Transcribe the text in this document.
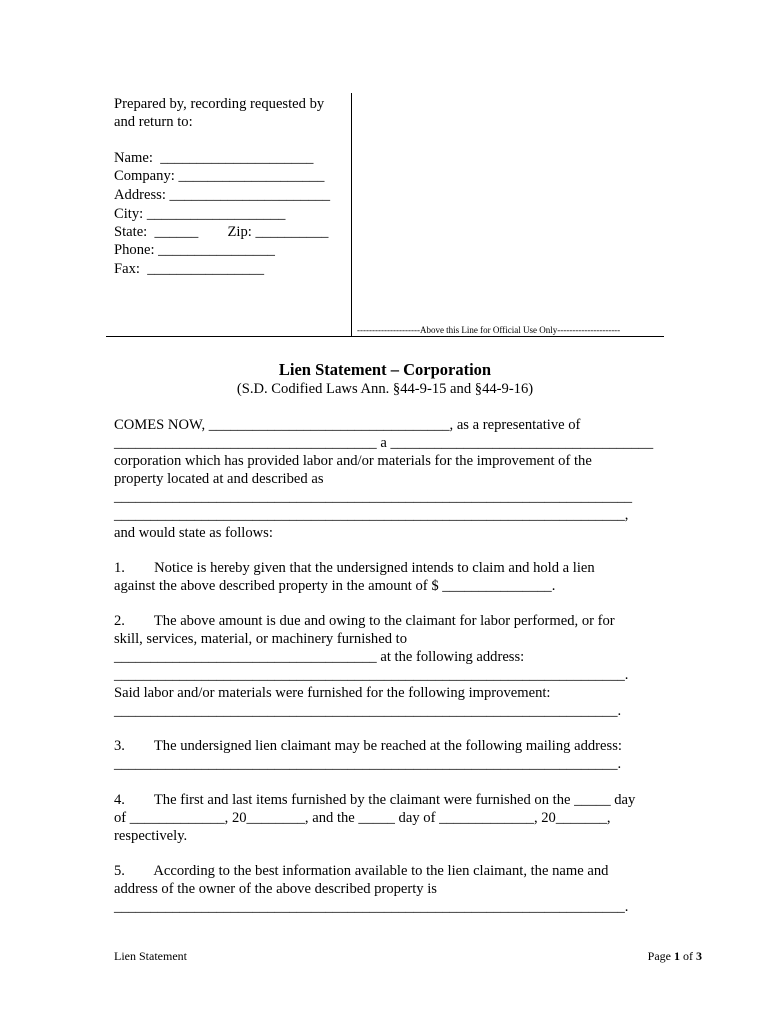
Prepared by, recording requested by
and return to:
Name:  _____________________
Company: ____________________
Address: ______________________
City: ___________________
State:  ______        Zip: __________
Phone: ________________
Fax:  ________________
---------------------Above this Line for Official Use Only---------------------
Lien Statement – Corporation
(S.D. Codified Laws Ann. §44-9-15 and §44-9-16)
COMES NOW, _________________________________, as a representative of
____________________________________ a ____________________________________
corporation which has provided labor and/or materials for the improvement of the
property located at and described as
_______________________________________________________________________
______________________________________________________________________,
and would state as follows:
1.        Notice is hereby given that the undersigned intends to claim and hold a lien
against the above described property in the amount of $ _______________.
2.        The above amount is due and owing to the claimant for labor performed, or for
skill, services, material, or machinery furnished to
____________________________________ at the following address:
______________________________________________________________________.
Said labor and/or materials were furnished for the following improvement:
_____________________________________________________________________.
3.        The undersigned lien claimant may be reached at the following mailing address:
_____________________________________________________________________.
4.        The first and last items furnished by the claimant were furnished on the _____ day
of _____________, 20________, and the _____ day of _____________, 20_______,
respectively.
5.        According to the best information available to the lien claimant, the name and
address of the owner of the above described property is
______________________________________________________________________.
Lien Statement	Page 1 of 3
